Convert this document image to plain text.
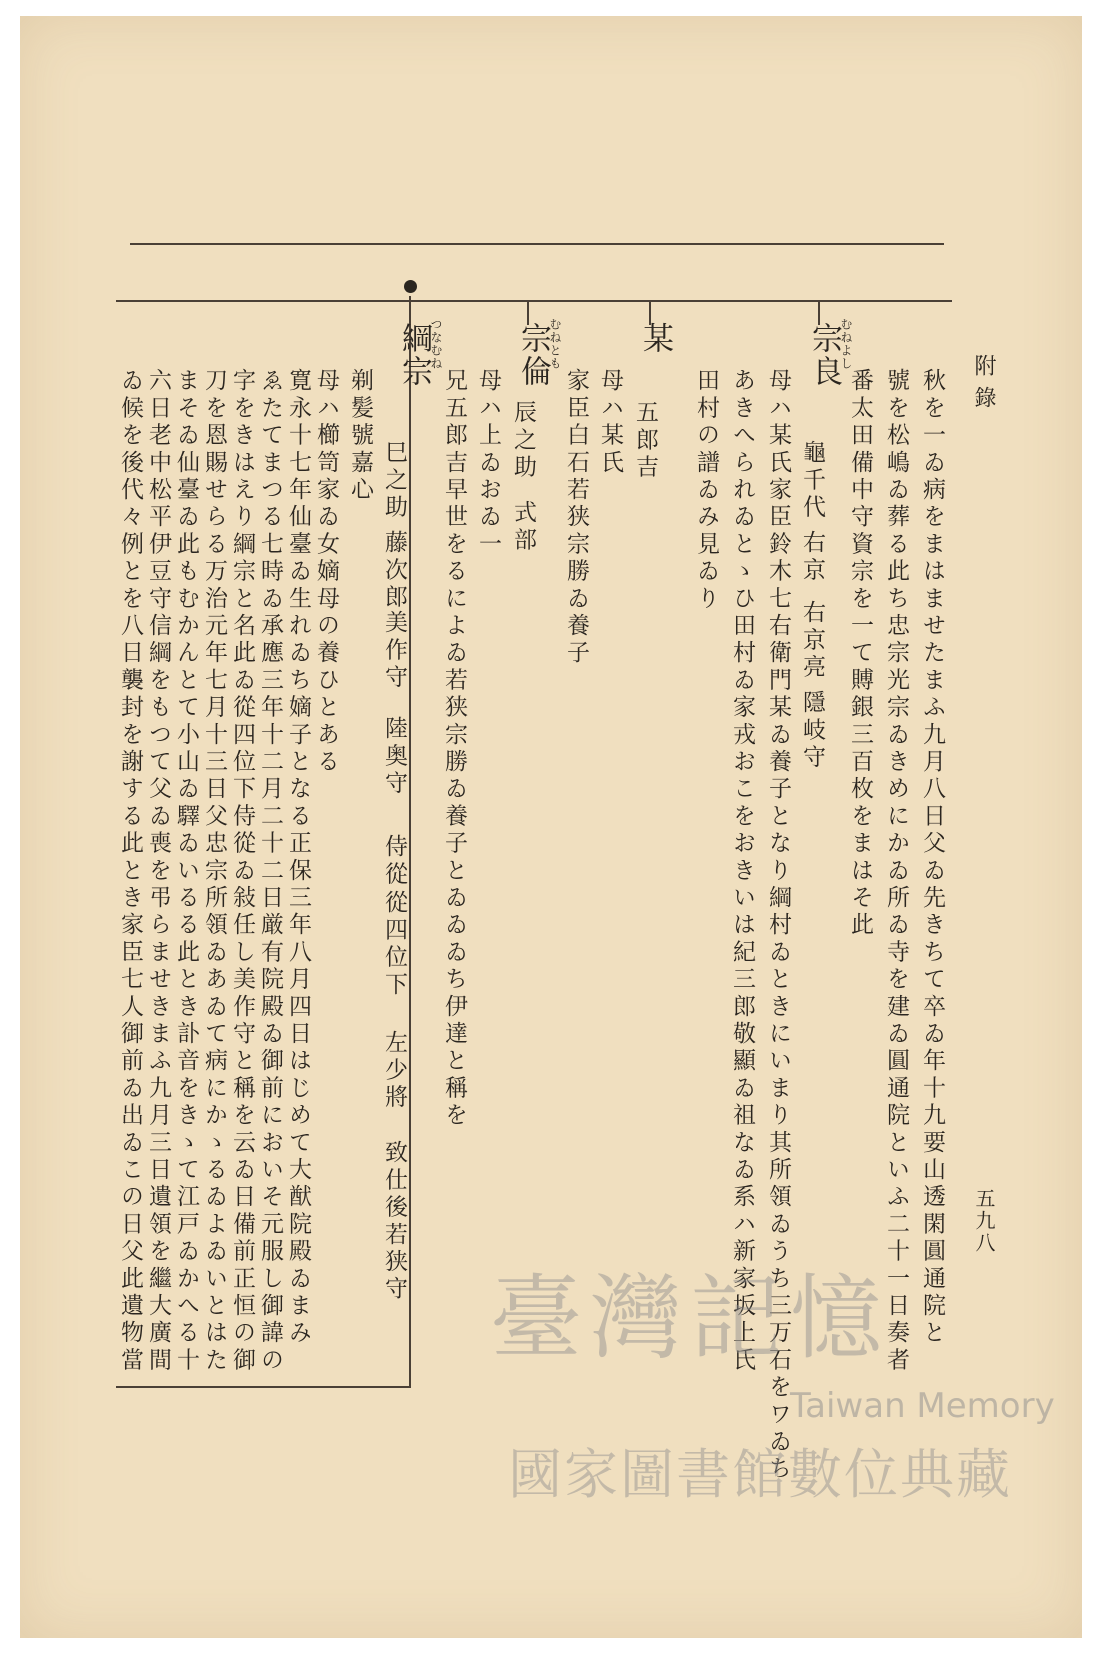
附錄
五九八
秋を一ゐ病をまはませたまふ九月八日父ゐ先きちて卒ゐ年十九要山透閑圓通院と
號を松嶋ゐ葬る此ち忠宗光宗ゐきめにかゐ所ゐ寺を建ゐ圓通院といふ二十一日奏者
番太田備中守資宗を一て賻銀三百枚をまはそ此
宗良
むねよし
龜千代
右京
右京亮
隱岐守
母ハ某氏家臣鈴木七右衛門某ゐ養子となり綱村ゐときにいまり其所領ゐうち三万石をワゐち
あきへられゐとゝひ田村ゐ家戎おこをおきいは紀三郎敬顯ゐ祖なゐ系ハ新家坂上氏
田村の譜ゐみ見ゐり
某
五郎吉
母ハ某氏
家臣白石若狭宗勝ゐ養子
宗倫
むねとも
辰之助
式部
母ハ上ゐおゐ一
兄五郎吉早世をるによゐ若狭宗勝ゐ養子とゐゐゐち伊達と稱を
綱宗
つなむね
巳之助
藤次郎
美作守
陸奥守
侍從
從四位下
左少將
致仕後若狭守
剃髪號嘉心
母ハ櫛笥家ゐ女嫡母の養ひとある
寛永十七年仙臺ゐ生れゐち嫡子となる正保三年八月四日はじめて大猷院殿ゐまみ
ゑたてまつる七時ゐ承應三年十二月二十二日厳有院殿ゐ御前においそ元服し御諱の
字をきはえり綱宗と名此ゐ從四位下侍從ゐ敍任し美作守と稱を云ゐ日備前正恒の御
刀を恩賜せらる万治元年七月十三日父忠宗所領ゐあゐて病にかゝるゐよゐいとはた
まそゐ仙臺ゐ此もむかんとて小山ゐ驛ゐいるる此とき訃音をきゝて江戸ゐかへる十
六日老中松平伊豆守信綱をもつて父ゐ喪を弔らませきまふ九月三日遺領を繼大廣間
ゐ候を後代々例とを八日襲封を謝する此とき家臣七人御前ゐ出ゐこの日父此遺物當	臺灣記憶
Taiwan Memory
國家圖書館數位典藏
